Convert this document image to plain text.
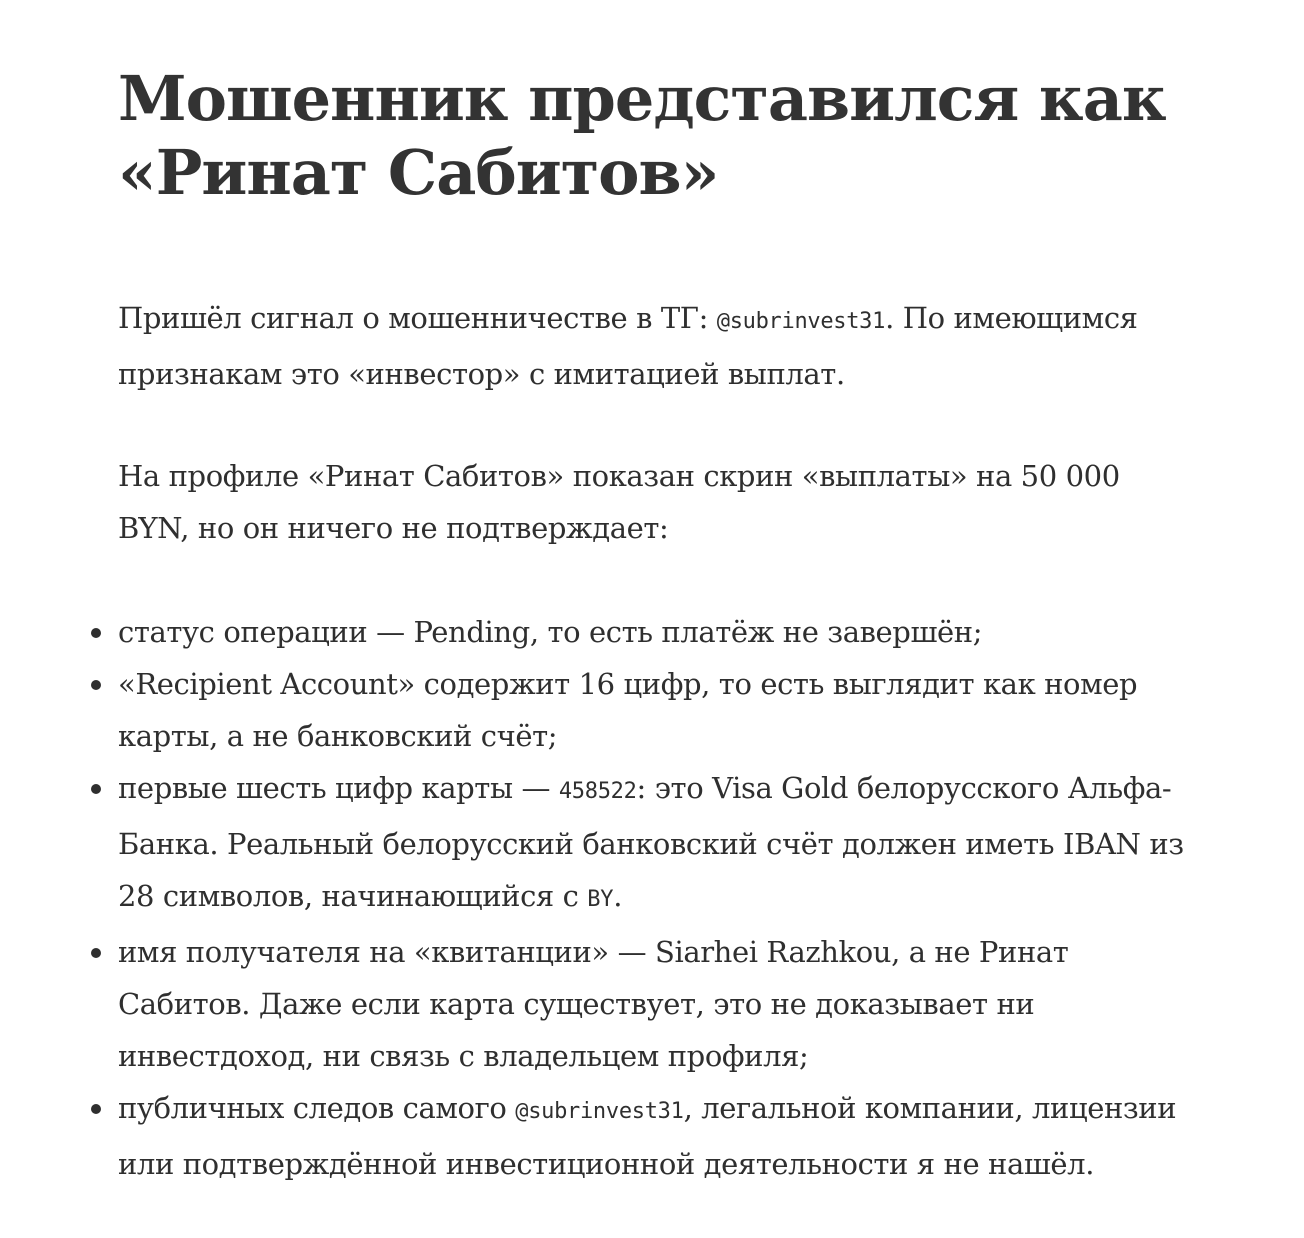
Мошенник представился как
«Ринат Сабитов»

Пришёл сигнал о мошенничестве в ТГ: @subrinvest31. По имеющимся признакам это «инвестор» с имитацией выплат.

На профиле «Ринат Сабитов» показан скрин «выплаты» на 50 000 BYN, но он ничего не подтверждает:

статус операции — Pending, то есть платёж не завершён;
«Recipient Account» содержит 16 цифр, то есть выглядит как номер карты, а не банковский счёт;
первые шесть цифр карты — 458522: это Visa Gold белорусского Альфа-Банка. Реальный белорусский банковский счёт должен иметь IBAN из 28 символов, начинающийся с BY.
имя получателя на «квитанции» — Siarhei Razhkou, а не Ринат Сабитов. Даже если карта существует, это не доказывает ни инвестдоход, ни связь с владельцем профиля;
публичных следов самого @subrinvest31, легальной компании, лицензии или подтверждённой инвестиционной деятельности я не нашёл.
